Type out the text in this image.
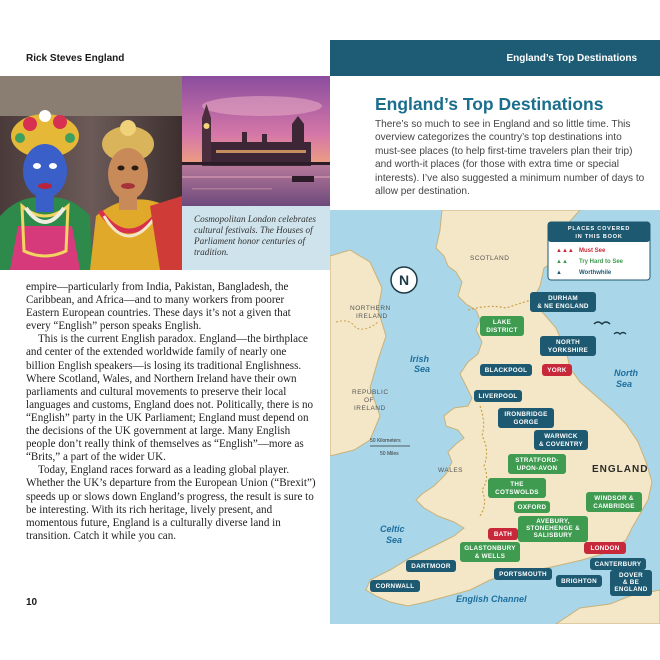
Rick Steves England
Cosmopolitan London celebrates cultural festivals. The Houses of Parliament honor centuries of tradition.

empire—particularly from India, Pakistan, Bangladesh, the Caribbean, and Africa—and to many workers from poorer Eastern European countries. These days it’s not a given that every “English” person speaks English.

This is the current English paradox. England—the birthplace and center of the extended worldwide family of nearly one billion English speakers—is losing its traditional Englishness. Where Scotland, Wales, and Northern Ireland have their own parliaments and cultural movements to preserve their local languages and customs, England does not. Politically, there is no “English” party in the UK Parliament; England must depend on the decisions of the UK government at large. Many English people don’t really think of themselves as “English”—more as “Brits,” a part of the wider UK.

Today, England races forward as a leading global player. Whether the UK’s departure from the European Union (“Brexit”) speeds up or slows down England’s progress, the result is sure to be interesting. With its rich heritage, lively present, and momentous future, England is a culturally diverse land in transition. Catch it while you can.

10
England’s Top Destinations
England’s Top Destinations
There’s so much to see in England and so little time. This overview categorizes the country’s top destinations into must-see places (to help first-time travelers plan their trip) and worth-it places (for those with extra time or special interests). I’ve also suggested a minimum number of days to allow per destination.
N
50 Kilometers
50 Miles
SCOTLAND
NORTHERN
IRELAND
REPUBLIC
OF
IRELAND
WALES	ENGLAND
Irish
Sea	North
Sea
Celtic
Sea
English Channel
PLACES COVERED
IN THIS BOOK
▲▲▲ Must See
▲▲ Try Hard to See
▲	Worthwhile
DURHAM
& NE ENGLAND
LAKE
DISTRICT
NORTH
YORKSHIRE
BLACKPOOL	YORK
LIVERPOOL
IRONBRIDGE
GORGE
WARWICK
& COVENTRY
STRATFORD-
UPON-AVON
THE
COTSWOLDS
OXFORD
WINDSOR &
CAMBRIDGE
AVEBURY,
STONEHENGE &
SALISBURY
BATH
LONDON
GLASTONBURY
& WELLS
CANTERBURY
DARTMOOR
PORTSMOUTH
BRIGHTON
DOVER
& BE
ENGLAND
CORNWALL
